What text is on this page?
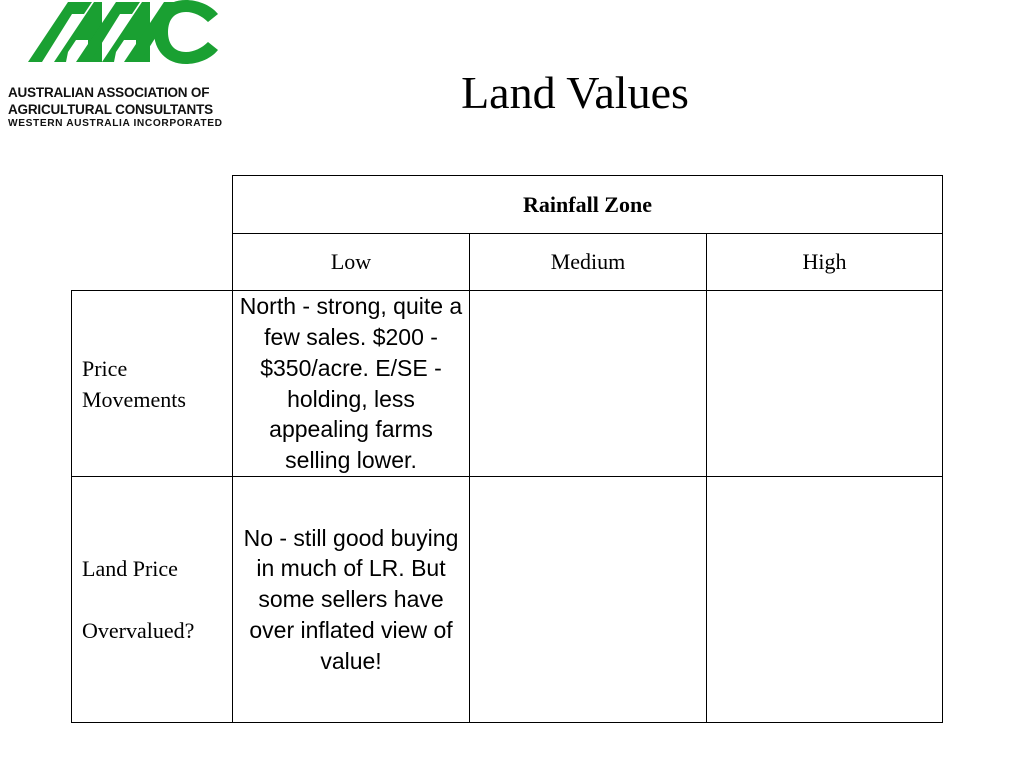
AUSTRALIAN ASSOCIATION OF
AGRICULTURAL CONSULTANTS
WESTERN AUSTRALIA INCORPORATED
Land Values
Rainfall Zone
Low	Medium	High
Price
Movements
North - strong, quite a few sales. $200 - $350/acre. E/SE - holding, less appealing farms selling lower.
Land Price
Overvalued?
No - still good buying in much of LR. But some sellers have over inflated view of value!
